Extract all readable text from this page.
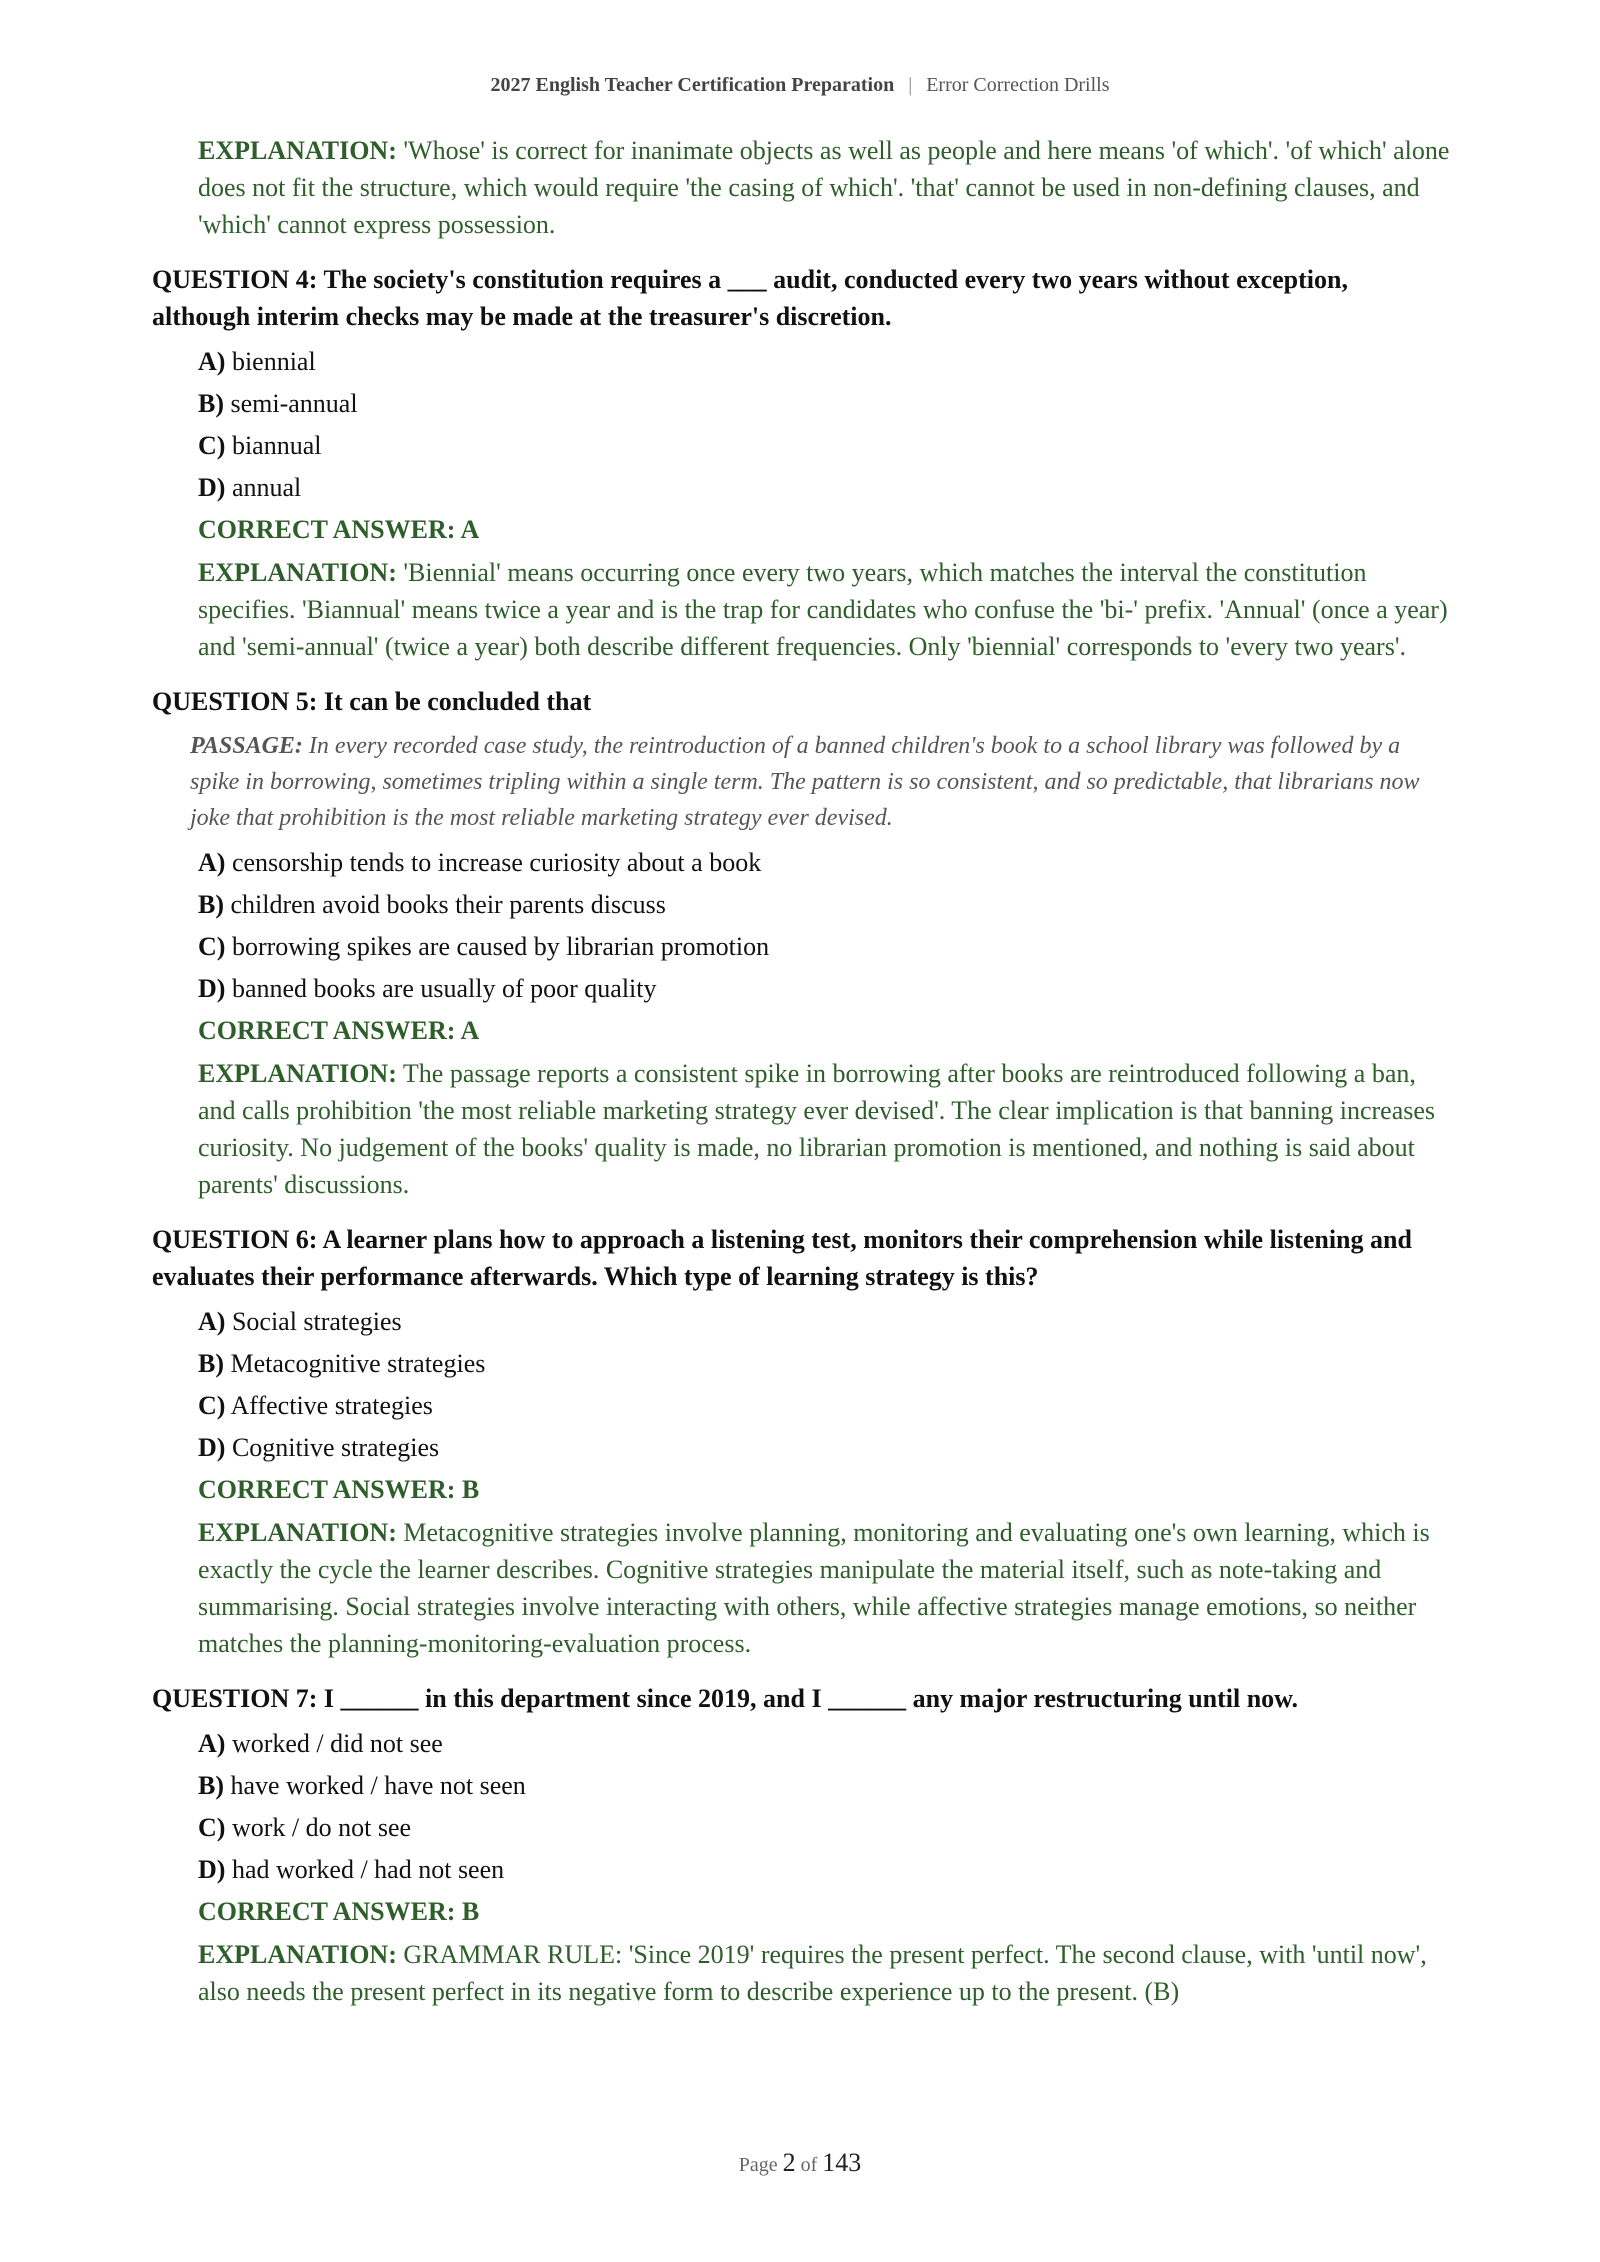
2027 English Teacher Certification Preparation | Error Correction Drills
EXPLANATION: 'Whose' is correct for inanimate objects as well as people and here means 'of which'. 'of which' alone does not fit the structure, which would require 'the casing of which'. 'that' cannot be used in non-defining clauses, and 'which' cannot express possession.
QUESTION 4: The society's constitution requires a ___ audit, conducted every two years without exception, although interim checks may be made at the treasurer's discretion.
A) biennial
B) semi-annual
C) biannual
D) annual
CORRECT ANSWER: A
EXPLANATION: 'Biennial' means occurring once every two years, which matches the interval the constitution specifies. 'Biannual' means twice a year and is the trap for candidates who confuse the 'bi-' prefix. 'Annual' (once a year) and 'semi-annual' (twice a year) both describe different frequencies. Only 'biennial' corresponds to 'every two years'.
QUESTION 5: It can be concluded that
PASSAGE: In every recorded case study, the reintroduction of a banned children's book to a school library was followed by a spike in borrowing, sometimes tripling within a single term. The pattern is so consistent, and so predictable, that librarians now joke that prohibition is the most reliable marketing strategy ever devised.
A) censorship tends to increase curiosity about a book
B) children avoid books their parents discuss
C) borrowing spikes are caused by librarian promotion
D) banned books are usually of poor quality
CORRECT ANSWER: A
EXPLANATION: The passage reports a consistent spike in borrowing after books are reintroduced following a ban, and calls prohibition 'the most reliable marketing strategy ever devised'. The clear implication is that banning increases curiosity. No judgement of the books' quality is made, no librarian promotion is mentioned, and nothing is said about parents' discussions.
QUESTION 6: A learner plans how to approach a listening test, monitors their comprehension while listening and evaluates their performance afterwards. Which type of learning strategy is this?
A) Social strategies
B) Metacognitive strategies
C) Affective strategies
D) Cognitive strategies
CORRECT ANSWER: B
EXPLANATION: Metacognitive strategies involve planning, monitoring and evaluating one's own learning, which is exactly the cycle the learner describes. Cognitive strategies manipulate the material itself, such as note-taking and summarising. Social strategies involve interacting with others, while affective strategies manage emotions, so neither matches the planning-monitoring-evaluation process.
QUESTION 7: I ______ in this department since 2019, and I ______ any major restructuring until now.
A) worked / did not see
B) have worked / have not seen
C) work / do not see
D) had worked / had not seen
CORRECT ANSWER: B
EXPLANATION: GRAMMAR RULE: 'Since 2019' requires the present perfect. The second clause, with 'until now', also needs the present perfect in its negative form to describe experience up to the present. (B)
Page 2 of 143
